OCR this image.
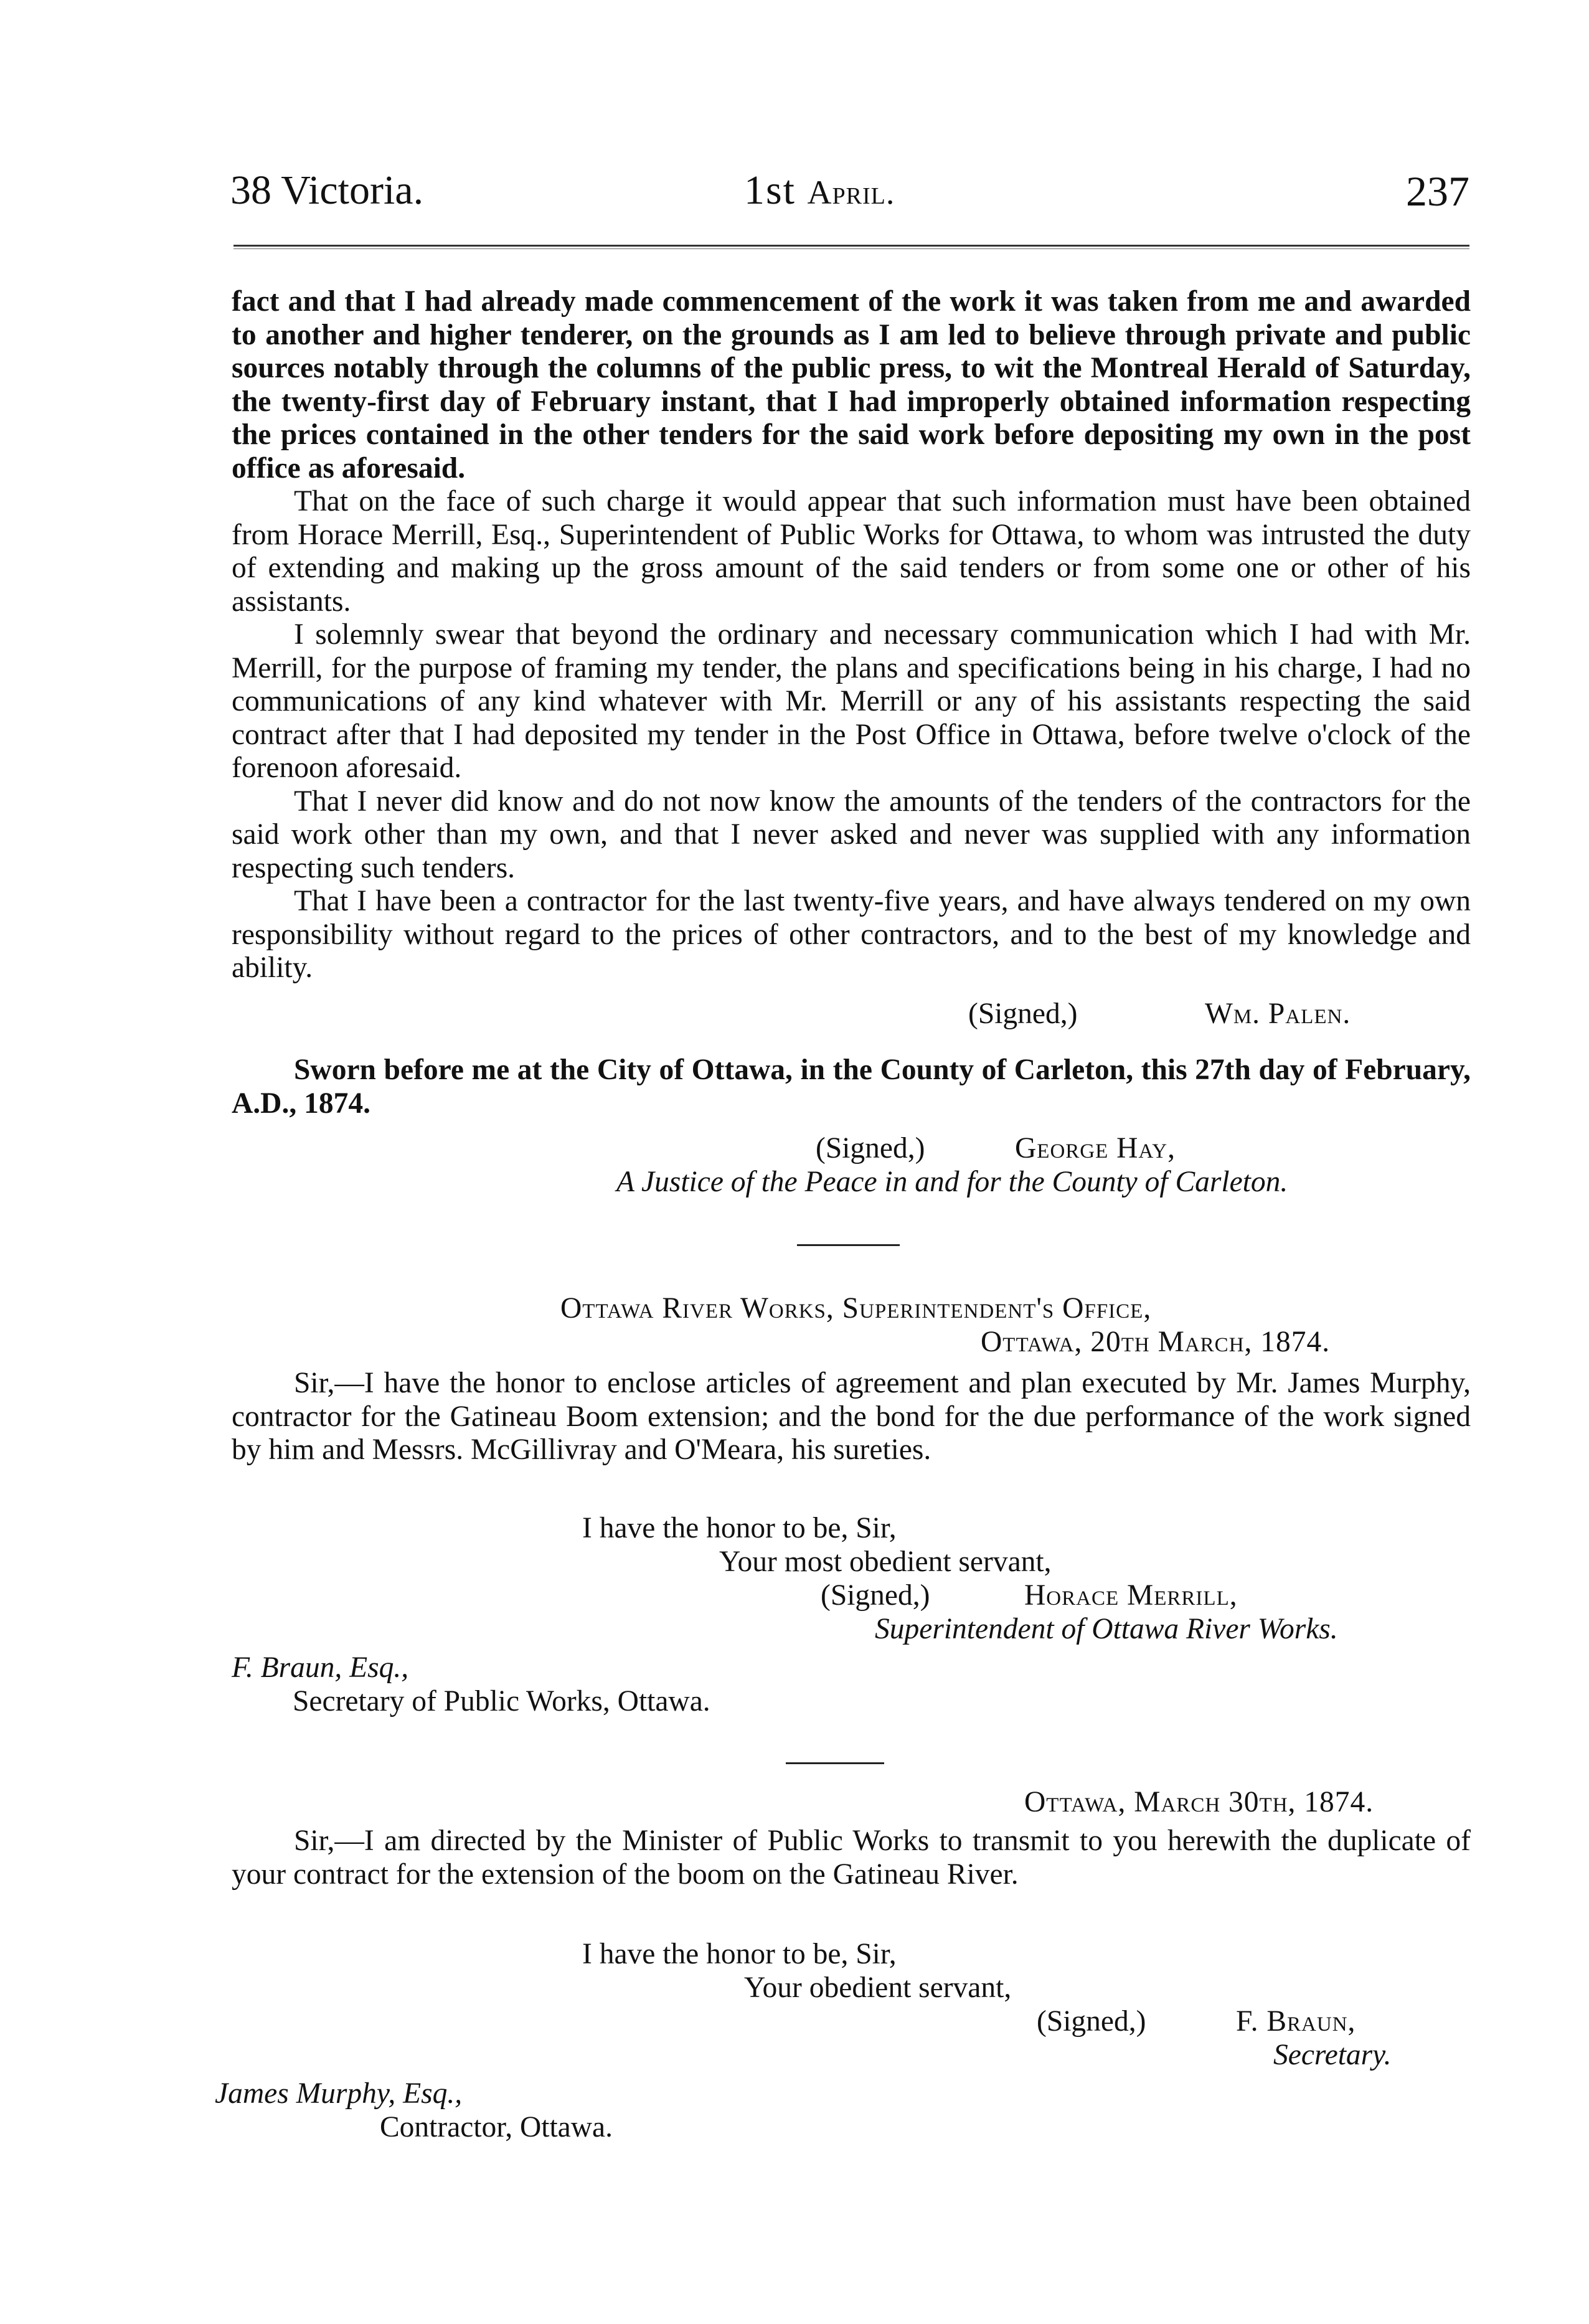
38 Victoria.	1st April.	237

fact and that I had already made commencement of the work it was taken from me and awarded to another and higher tenderer, on the grounds as I am led to believe through private and public sources notably through the columns of the public press, to wit the Montreal Herald of Saturday, the twenty-first day of February instant, that I had improperly obtained information respecting the prices contained in the other tenders for the said work before depositing my own in the post office as aforesaid.

That on the face of such charge it would appear that such information must have been obtained from Horace Merrill, Esq., Superintendent of Public Works for Ottawa, to whom was intrusted the duty of extending and making up the gross amount of the said tenders or from some one or other of his assistants.

I solemnly swear that beyond the ordinary and necessary communication which I had with Mr. Merrill, for the purpose of framing my tender, the plans and specifications being in his charge, I had no communications of any kind whatever with Mr. Merrill or any of his assistants respecting the said contract after that I had deposited my tender in the Post Office in Ottawa, before twelve o'clock of the forenoon aforesaid.

That I never did know and do not now know the amounts of the tenders of the contractors for the said work other than my own, and that I never asked and never was supplied with any information respecting such tenders.

That I have been a contractor for the last twenty-five years, and have always tendered on my own responsibility without regard to the prices of other contractors, and to the best of my knowledge and ability.

(Signed,)	Wm. Palen.

Sworn before me at the City of Ottawa, in the County of Carleton, this 27th day of February, A.D., 1874.

(Signed,)	George Hay,
A Justice of the Peace in and for the County of Carleton.
Ottawa River Works, Superintendent's Office,
Ottawa, 20th March, 1874.

Sir,—I have the honor to enclose articles of agreement and plan executed by Mr. James Murphy, contractor for the Gatineau Boom extension; and the bond for the due performance of the work signed by him and Messrs. McGillivray and O'Meara, his sureties.

I have the honor to be, Sir,
Your most obedient servant,
(Signed,)	Horace Merrill,
Superintendent of Ottawa River Works.
F. Braun, Esq.,
Secretary of Public Works, Ottawa.
Ottawa, March 30th, 1874.

Sir,—I am directed by the Minister of Public Works to transmit to you herewith the duplicate of your contract for the extension of the boom on the Gatineau River.

I have the honor to be, Sir,
Your obedient servant,
(Signed,)	F. Braun,
Secretary.
James Murphy, Esq.,
Contractor, Ottawa.
